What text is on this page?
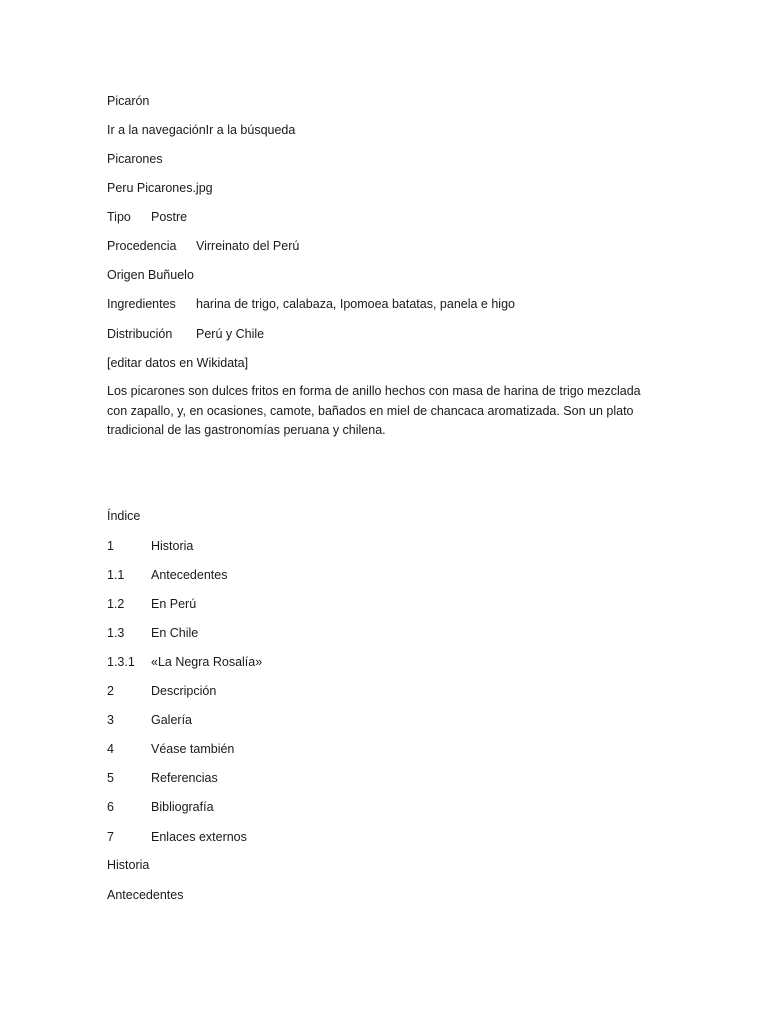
Picarón
Ir a la navegaciónIr a la búsqueda
Picarones
Peru Picarones.jpg
Tipo Postre
Procedencia Virreinato del Perú
Origen Buñuelo
Ingredientes harina de trigo, calabaza, Ipomoea batatas, panela e higo
Distribución Perú y Chile
[editar datos en Wikidata]
Los picarones son dulces fritos en forma de anillo hechos con masa de harina de trigo mezclada con zapallo, y, en ocasiones, camote, bañados en miel de chancaca aromatizada. Son un plato tradicional de las gastronomías peruana y chilena.
Índice
1	Historia
1.1 Antecedentes
1.2 En Perú
1.3 En Chile
1.3.1 «La Negra Rosalía»
2	Descripción
3	Galería
4	Véase también
5	Referencias
6	Bibliografía
7	Enlaces externos
Historia
Antecedentes
